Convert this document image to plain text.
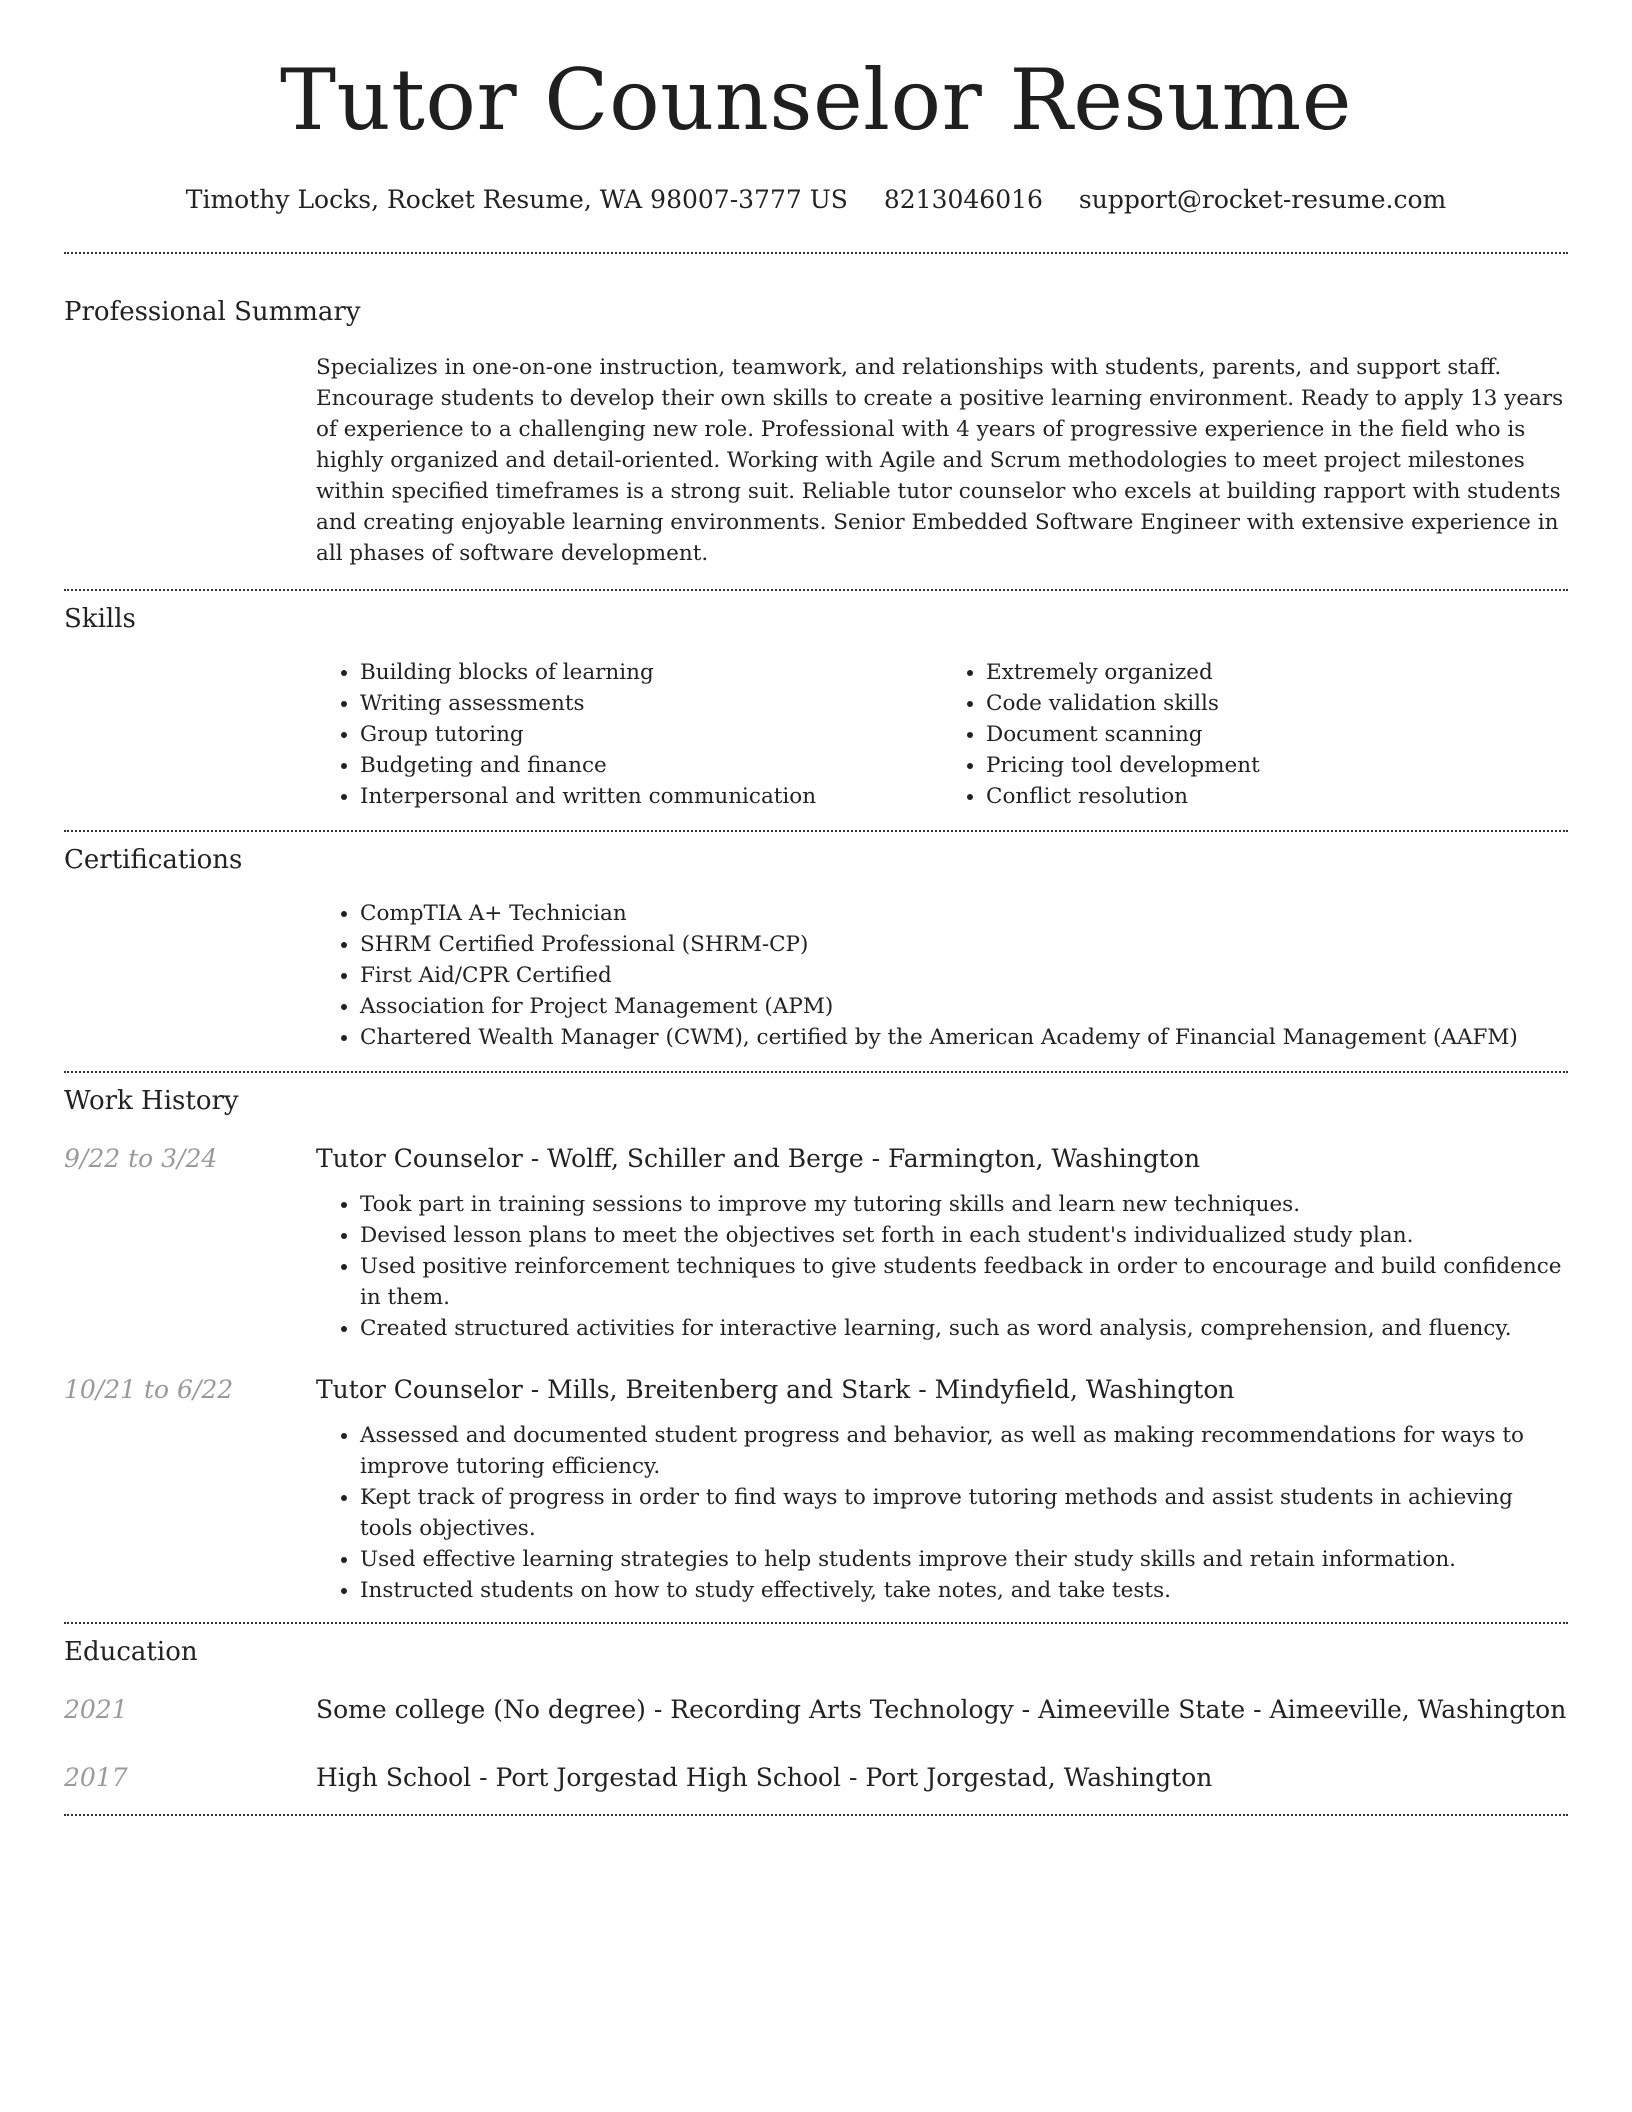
Tutor Counselor Resume
Timothy Locks, Rocket Resume, WA 98007-3777 US 8213046016 support@rocket-resume.com
Professional Summary

Specializes in one-on-one instruction, teamwork, and relationships with students, parents, and support staff. Encourage students to develop their own skills to create a positive learning environment. Ready to apply 13 years of experience to a challenging new role. Professional with 4 years of progressive experience in the field who is highly organized and detail-oriented. Working with Agile and Scrum methodologies to meet project milestones within specified timeframes is a strong suit. Reliable tutor counselor who excels at building rapport with students and creating enjoyable learning environments. Senior Embedded Software Engineer with extensive experience in all phases of software development.

Skills
• Building blocks of learning
• Writing assessments
• Group tutoring
• Budgeting and finance
• Interpersonal and written communication
• Extremely organized
• Code validation skills
• Document scanning
• Pricing tool development
• Conflict resolution
Certifications
• CompTIA A+ Technician
• SHRM Certified Professional (SHRM-CP)
• First Aid/CPR Certified
• Association for Project Management (APM)
• Chartered Wealth Manager (CWM), certified by the American Academy of Financial Management (AAFM)
Work History
9/22 to 3/24	Tutor Counselor - Wolff, Schiller and Berge - Farmington, Washington
• Took part in training sessions to improve my tutoring skills and learn new techniques.
• Devised lesson plans to meet the objectives set forth in each student's individualized study plan.
• Used positive reinforcement techniques to give students feedback in order to encourage and build confidence in them.
• Created structured activities for interactive learning, such as word analysis, comprehension, and fluency.
10/21 to 6/22	Tutor Counselor - Mills, Breitenberg and Stark - Mindyfield, Washington
• Assessed and documented student progress and behavior, as well as making recommendations for ways to improve tutoring efficiency.
• Kept track of progress in order to find ways to improve tutoring methods and assist students in achieving tools objectives.
• Used effective learning strategies to help students improve their study skills and retain information.
• Instructed students on how to study effectively, take notes, and take tests.
Education
2021	Some college (No degree) - Recording Arts Technology - Aimeeville State - Aimeeville, Washington
2017	High School - Port Jorgestad High School - Port Jorgestad, Washington
